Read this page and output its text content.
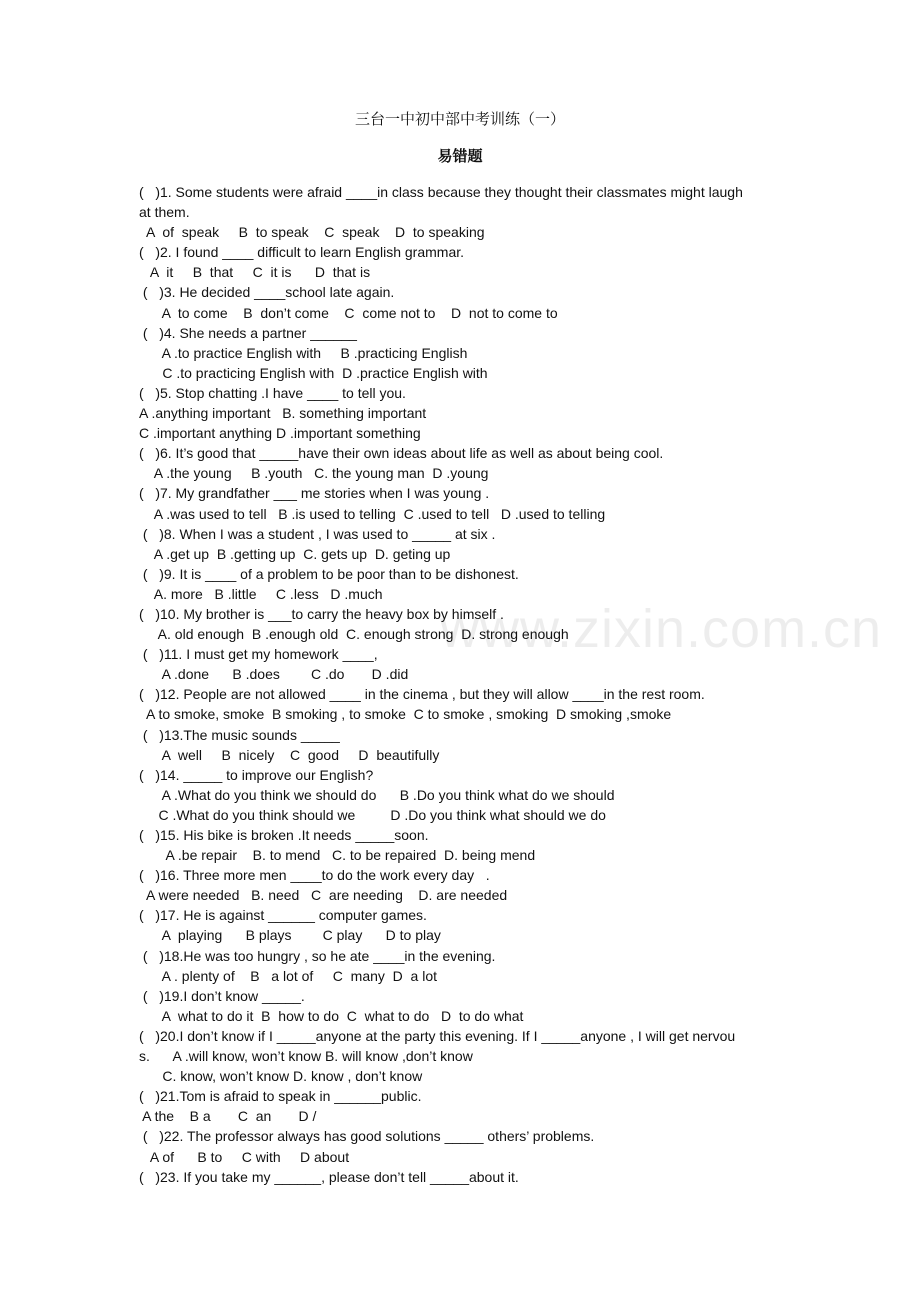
三台一中初中部中考训练（一）
易错题
www.zixin.com.cn
(   )1. Some students were afraid ____in class because they thought their classmates might laugh
at them.
A  of  speak     B  to speak    C  speak    D  to speaking
(   )2. I found ____ difficult to learn English grammar.
A  it     B  that     C  it is      D  that is
(   )3. He decided ____school late again.
A  to come    B  don’t come    C  come not to    D  not to come to
(   )4. She needs a partner ______
A .to practice English with     B .practicing English
C .to practicing English with  D .practice English with
(   )5. Stop chatting .I have ____ to tell you.
A .anything important   B. something important
C .important anything D .important something
(   )6. It’s good that _____have their own ideas about life as well as about being cool.
A .the young     B .youth   C. the young man  D .young
(   )7. My grandfather ___ me stories when I was young .
A .was used to tell   B .is used to telling  C .used to tell   D .used to telling
(   )8. When I was a student , I was used to _____ at six .
A .get up  B .getting up  C. gets up  D. geting up
(   )9. It is ____ of a problem to be poor than to be dishonest.
A. more   B .little     C .less   D .much
(   )10. My brother is ___to carry the heavy box by himself .
A. old enough  B .enough old  C. enough strong  D. strong enough
(   )11. I must get my homework ____,
A .done      B .does        C .do       D .did
(   )12. People are not allowed ____ in the cinema , but they will allow ____in the rest room.
A to smoke, smoke  B smoking , to smoke  C to smoke , smoking  D smoking ,smoke
(   )13.The music sounds _____
A  well     B  nicely    C  good     D  beautifully
(   )14. _____ to improve our English?
A .What do you think we should do      B .Do you think what do we should
C .What do you think should we         D .Do you think what should we do
(   )15. His bike is broken .It needs _____soon.
A .be repair    B. to mend   C. to be repaired  D. being mend
(   )16. Three more men ____to do the work every day   .
A were needed   B. need   C  are needing    D. are needed
(   )17. He is against ______ computer games.
A  playing      B plays        C play      D to play
(   )18.He was too hungry , so he ate ____in the evening.
A . plenty of    B   a lot of     C  many  D  a lot
(   )19.I don’t know _____.
A  what to do it  B  how to do  C  what to do   D  to do what
(   )20.I don’t know if I _____anyone at the party this evening. If I _____anyone , I will get nervou
s.      A .will know, won’t know B. will know ,don’t know
C. know, won’t know D. know , don’t know
(   )21.Tom is afraid to speak in ______public.
A the    B a       C  an       D /
(   )22. The professor always has good solutions _____ others’ problems.
A of      B to     C with     D about
(   )23. If you take my ______, please don’t tell _____about it.
